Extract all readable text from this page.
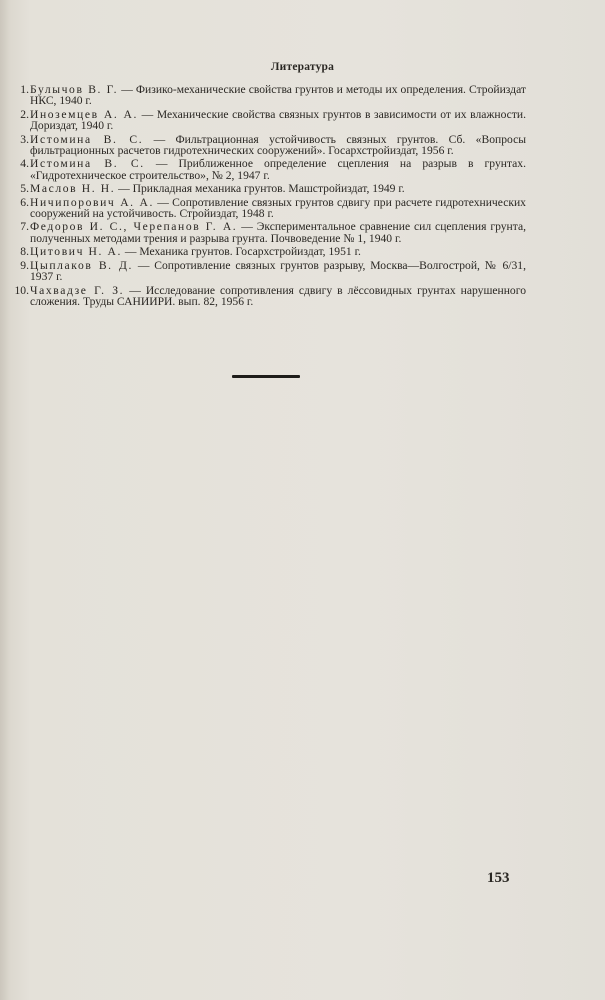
Литература
1. Булычов В. Г. — Физико-механические свойства грунтов и методы их определения. Стройиздат НКС, 1940 г.
2. Иноземцев А. А. — Механические свойства связных грунтов в зависимости от их влажности. Дориздат, 1940 г.
3. Истомина В. С. — Фильтрационная устойчивость связных грунтов. Сб. «Вопросы фильтрационных расчетов гидротехнических сооружений». Госархстройиздат, 1956 г.
4. Истомина В. С. — Приближенное определение сцепления на разрыв в грунтах. «Гидротехническое строительство», № 2, 1947 г.
5. Маслов Н. Н. — Прикладная механика грунтов. Машстройиздат, 1949 г.
6. Ничипорович А. А. — Сопротивление связных грунтов сдвигу при расчете гидротехнических сооружений на устойчивость. Стройиздат, 1948 г.
7. Федоров И. С., Черепанов Г. А. — Экспериментальное сравнение сил сцепления грунта, полученных методами трения и разрыва грунта. Почвоведение № 1, 1940 г.
8. Цитович Н. А. — Механика грунтов. Госархстройиздат, 1951 г.
9. Цыплаков В. Д. — Сопротивление связных грунтов разрыву, Москва—Волгострой, № 6/31, 1937 г.
10. Чахвадзе Г. З. — Исследование сопротивления сдвигу в лёссовидных грунтах нарушенного сложения. Труды САНИИРИ. вып. 82, 1956 г.
153
